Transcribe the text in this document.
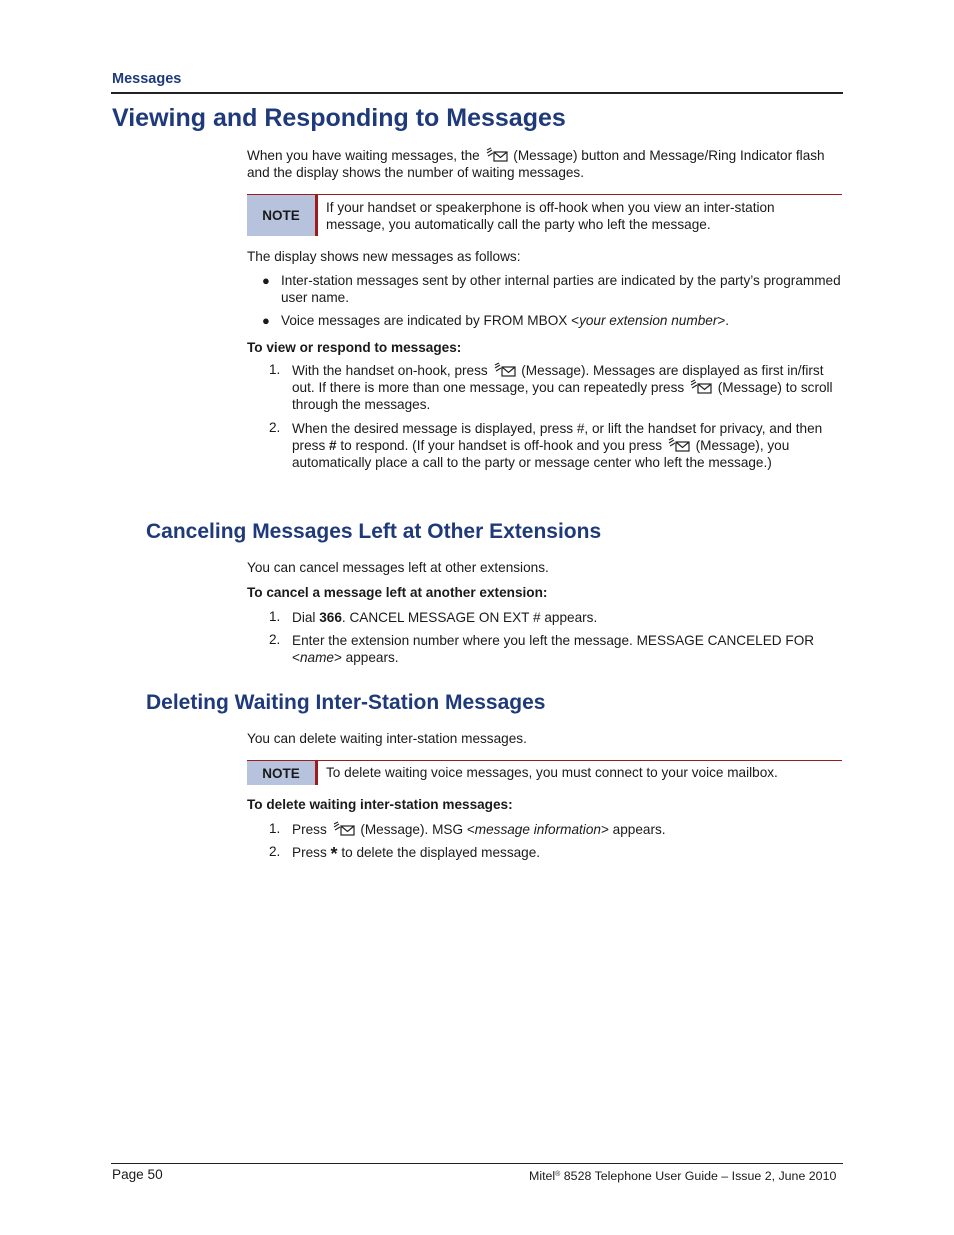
Messages
Viewing and Responding to Messages
When you have waiting messages, the (Message) button and Message/Ring Indicator flash and the display shows the number of waiting messages.
NOTE
If your handset or speakerphone is off-hook when you view an inter-station message, you automatically call the party who left the message.
The display shows new messages as follows:
● Inter-station messages sent by other internal parties are indicated by the party’s programmed user name.
● Voice messages are indicated by FROM MBOX <your extension number>.
To view or respond to messages:
1. With the handset on-hook, press (Message). Messages are displayed as first in/first out. If there is more than one message, you can repeatedly press (Message) to scroll through the messages.
2. When the desired message is displayed, press #, or lift the handset for privacy, and then press # to respond. (If your handset is off-hook and you press (Message), you automatically place a call to the party or message center who left the message.)
Canceling Messages Left at Other Extensions
You can cancel messages left at other extensions.
To cancel a message left at another extension:
1. Dial 366. CANCEL MESSAGE ON EXT # appears.
2. Enter the extension number where you left the message. MESSAGE CANCELED FOR <name> appears.
Deleting Waiting Inter-Station Messages
You can delete waiting inter-station messages.
NOTE	To delete waiting voice messages, you must connect to your voice mailbox.
To delete waiting inter-station messages:
1. Press (Message). MSG <message information> appears.
2. Press * to delete the displayed message.
Page 50	Mitel® 8528 Telephone User Guide – Issue 2, June 2010
